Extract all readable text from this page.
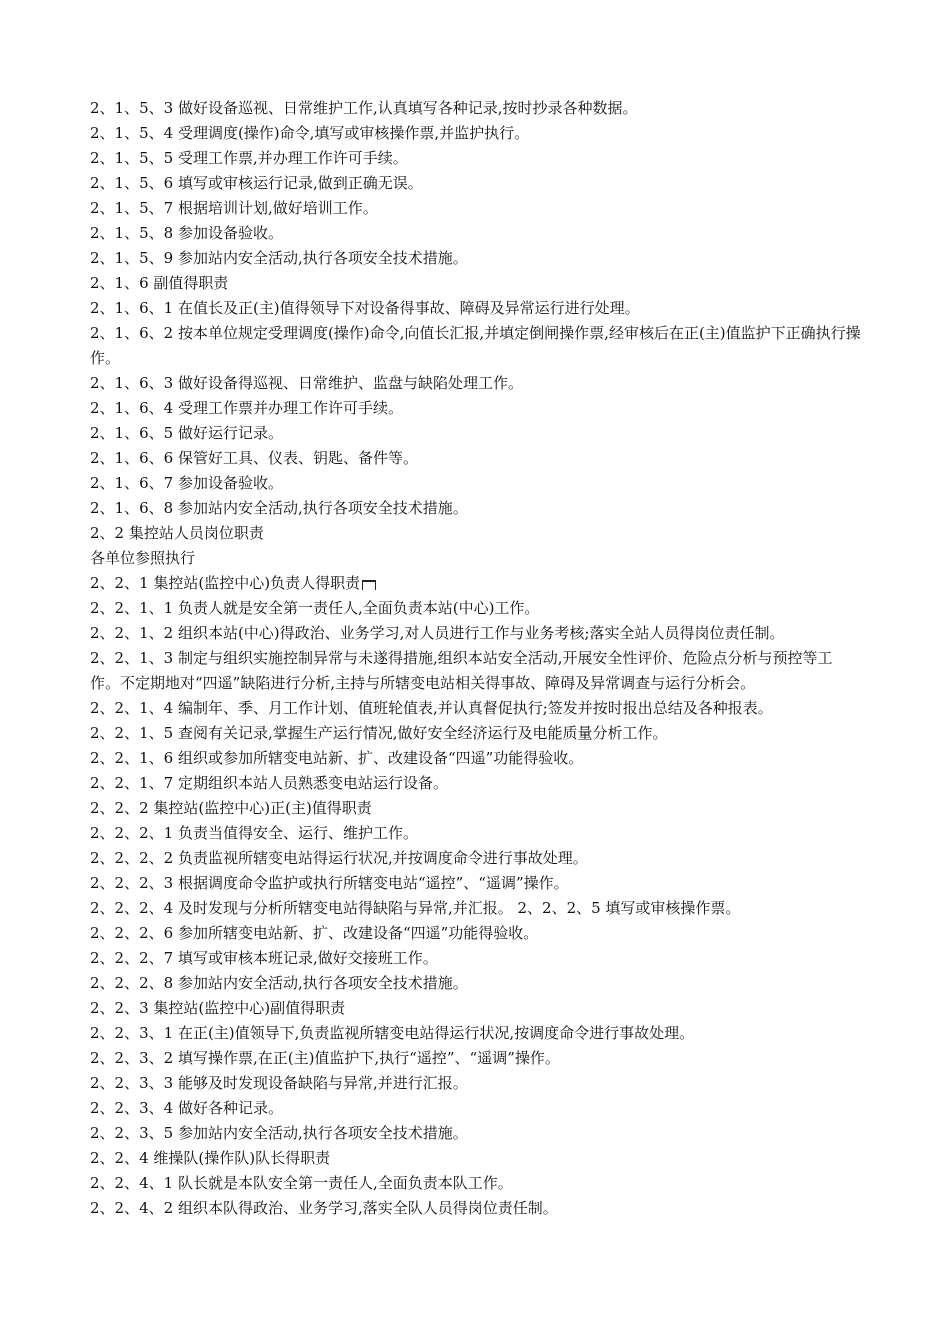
2、1、5、3 做好设备巡视、日常维护工作,认真填写各种记录,按时抄录各种数据。
2、1、5、4 受理调度(操作)命令,填写或审核操作票,并监护执行。
2、1、5、5 受理工作票,并办理工作许可手续。
2、1、5、6 填写或审核运行记录,做到正确无误。
2、1、5、7 根据培训计划,做好培训工作。
2、1、5、8 参加设备验收。
2、1、5、9 参加站内安全活动,执行各项安全技术措施。
2、1、6 副值得职责
2、1、6、1 在值长及正(主)值得领导下对设备得事故、障碍及异常运行进行处理。
2、1、6、2 按本单位规定受理调度(操作)命令,向值长汇报,并填定倒闸操作票,经审核后在正(主)值监护下正确执行操作。
2、1、6、3 做好设备得巡视、日常维护、监盘与缺陷处理工作。
2、1、6、4 受理工作票并办理工作许可手续。
2、1、6、5 做好运行记录。
2、1、6、6 保管好工具、仪表、钥匙、备件等。
2、1、6、7 参加设备验收。
2、1、6、8 参加站内安全活动,执行各项安全技术措施。
2、2 集控站人员岗位职责
各单位参照执行
2、2、1 集控站(监控中心)负责人得职责
2、2、1、1 负责人就是安全第一责任人,全面负责本站(中心)工作。
2、2、1、2 组织本站(中心)得政治、业务学习,对人员进行工作与业务考核;落实全站人员得岗位责任制。
2、2、1、3 制定与组织实施控制异常与未遂得措施,组织本站安全活动,开展安全性评价、危险点分析与预控等工作。不定期地对“四遥”缺陷进行分析,主持与所辖变电站相关得事故、障碍及异常调查与运行分析会。
2、2、1、4 编制年、季、月工作计划、值班轮值表,并认真督促执行;签发并按时报出总结及各种报表。
2、2、1、5 查阅有关记录,掌握生产运行情况,做好安全经济运行及电能质量分析工作。
2、2、1、6 组织或参加所辖变电站新、扩、改建设备“四遥”功能得验收。
2、2、1、7 定期组织本站人员熟悉变电站运行设备。
2、2、2 集控站(监控中心)正(主)值得职责
2、2、2、1 负责当值得安全、运行、维护工作。
2、2、2、2 负责监视所辖变电站得运行状况,并按调度命令进行事故处理。
2、2、2、3 根据调度命令监护或执行所辖变电站“遥控”、“遥调”操作。
2、2、2、4 及时发现与分析所辖变电站得缺陷与异常,并汇报。 2、2、2、5 填写或审核操作票。
2、2、2、6 参加所辖变电站新、扩、改建设备“四遥”功能得验收。
2、2、2、7 填写或审核本班记录,做好交接班工作。
2、2、2、8 参加站内安全活动,执行各项安全技术措施。
2、2、3 集控站(监控中心)副值得职责
2、2、3、1 在正(主)值领导下,负责监视所辖变电站得运行状况,按调度命令进行事故处理。
2、2、3、2 填写操作票,在正(主)值监护下,执行“遥控”、“遥调”操作。
2、2、3、3 能够及时发现设备缺陷与异常,并进行汇报。
2、2、3、4 做好各种记录。
2、2、3、5 参加站内安全活动,执行各项安全技术措施。
2、2、4 维操队(操作队)队长得职责
2、2、4、1 队长就是本队安全第一责任人,全面负责本队工作。
2、2、4、2 组织本队得政治、业务学习,落实全队人员得岗位责任制。
